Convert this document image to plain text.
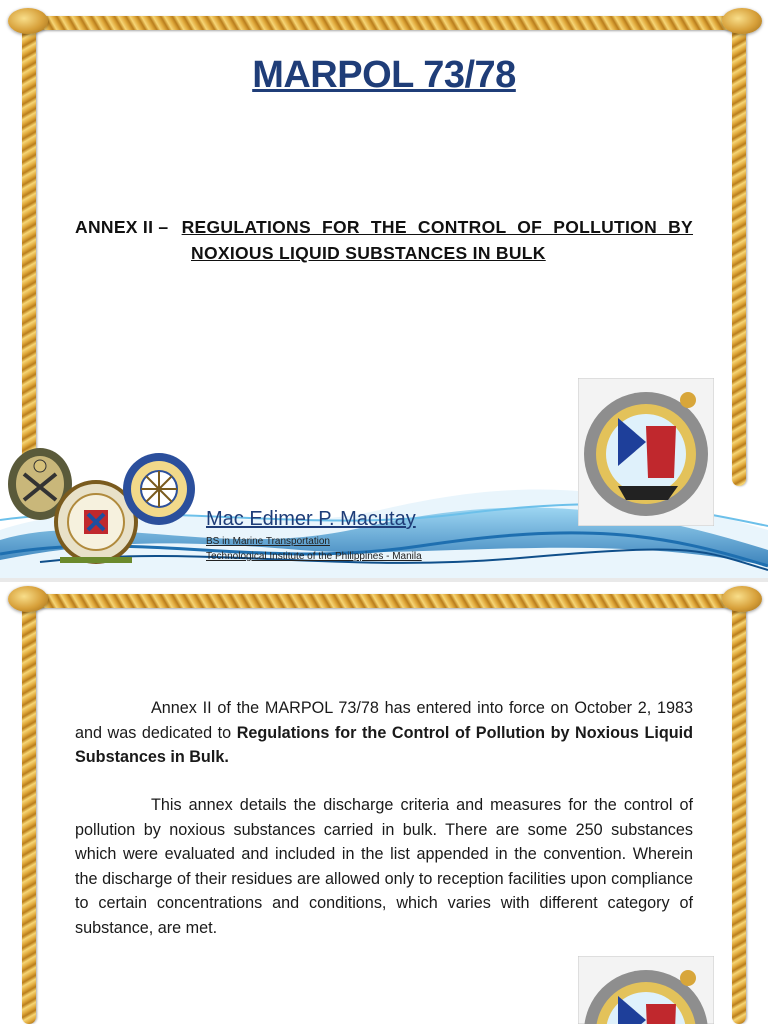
MARPOL 73/78
ANNEX II – REGULATIONS FOR THE CONTROL OF POLLUTION BY
NOXIOUS LIQUID SUBSTANCES IN BULK
Mac Edimer P. Macutay
BS in Marine Transportation
Technological Institute of the Philippines - Manila
Annex II of the MARPOL 73/78 has entered into force on October 2, 1983 and was dedicated to Regulations for the Control of Pollution by Noxious Liquid Substances in Bulk.
This annex details the discharge criteria and measures for the control of pollution by noxious substances carried in bulk. There are some 250 substances which were evaluated and included in the list appended in the convention. Wherein the discharge of their residues are allowed only to reception facilities upon compliance to certain concentrations and conditions, which varies with different category of substance, are met.
